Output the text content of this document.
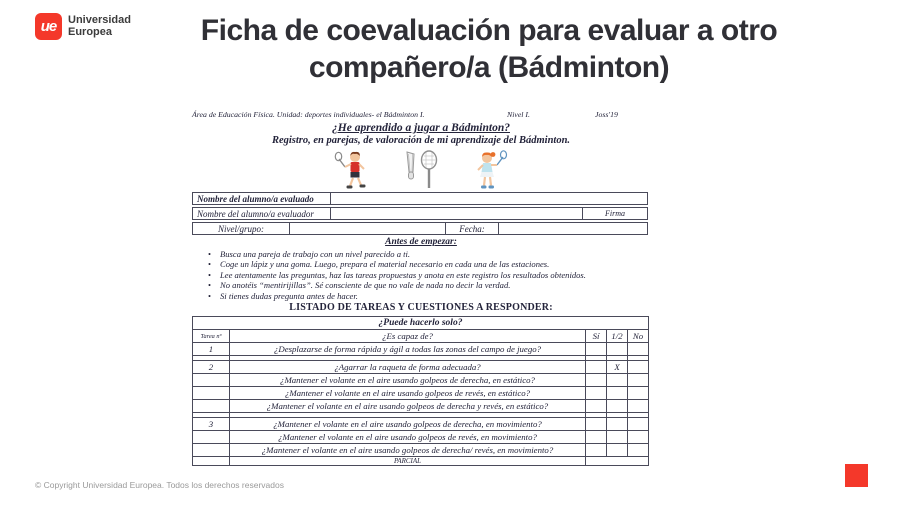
ue Universidad
Europea	Ficha de coevaluación para evaluar a otro compañero/a (Bádminton)
Área de Educación Física. Unidad: deportes individuales- el Bádminton I.	Nivel I.	Joss'19
¿He aprendido a jugar a Bádminton?
Registro, en parejas, de valoración de mi aprendizaje del Bádminton.
Nombre del alumno/a evaluado
Nombre del alumno/a evaluador	Firma
Nivel/grupo:	Fecha:
Antes de empezar:
• Busca una pareja de trabajo con un nivel parecido a ti.
• Coge un lápiz y una goma. Luego, prepara el material necesario en cada una de las estaciones.
• Lee atentamente las preguntas, haz las tareas propuestas y anota en este registro los resultados obtenidos.
• No anotéis “mentirijillas”. Sé consciente de que no vale de nada no decir la verdad.
• Si tienes dudas pregunta antes de hacer.
LISTADO DE TAREAS Y CUESTIONES A RESPONDER:
¿Puede hacerlo solo?				
Tarea nº	¿Es capaz de?	Sí	1/2	No
1	¿Desplazarse de forma rápida y ágil a todas las zonas del campo de juego?			

2	¿Agarrar la raqueta de forma adecuada?		X	
	¿Mantener el volante en el aire usando golpeos de derecha, en estático?			
	¿Mantener el volante en el aire usando golpeos de revés, en estático?			
	¿Mantener el volante en el aire usando golpeos de derecha y revés, en estático?			

3	¿Mantener el volante en el aire usando golpeos de derecha, en movimiento?			
	¿Mantener el volante en el aire usando golpeos de revés, en movimiento?			
	¿Mantener el volante en el aire usando golpeos de derecha/ revés, en movimiento?			
	PARCIAL			
© Copyright Universidad Europea. Todos los derechos reservados
